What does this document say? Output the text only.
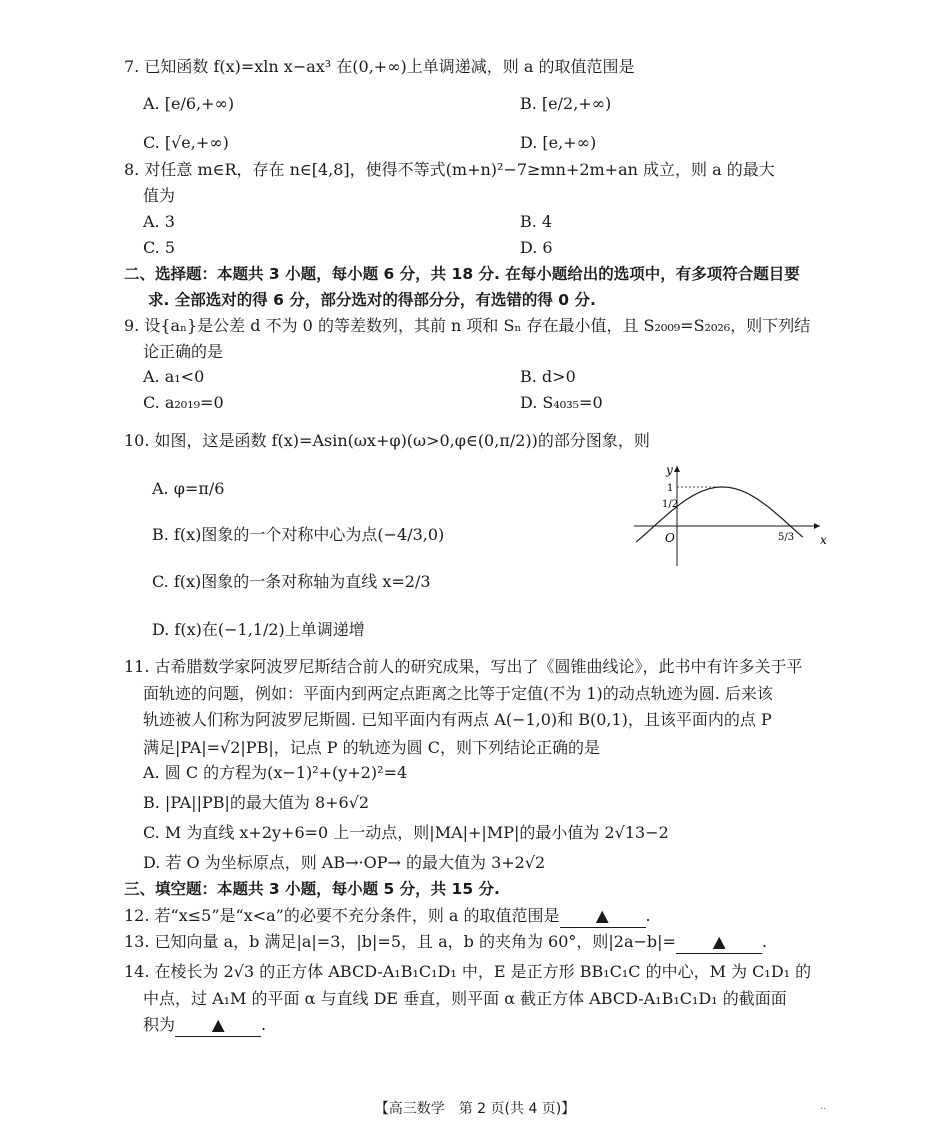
7. 已知函数 f(x)=xln x−ax³ 在(0,+∞)上单调递减，则 a 的取值范围是
A. [e/6,+∞)	B. [e/2,+∞)
C. [√e,+∞)	D. [e,+∞)
8. 对任意 m∈R，存在 n∈[4,8]，使得不等式(m+n)²−7≥mn+2m+an 成立，则 a 的最大
值为
A. 3	B. 4
C. 5	D. 6
二、选择题：本题共 3 小题，每小题 6 分，共 18 分. 在每小题给出的选项中，有多项符合题目要
求. 全部选对的得 6 分，部分选对的得部分分，有选错的得 0 分.
9. 设{aₙ}是公差 d 不为 0 的等差数列，其前 n 项和 Sₙ 存在最小值，且 S₂₀₀₉=S₂₀₂₆，则下列结
论正确的是
A. a₁<0	B. d>0
C. a₂₀₁₉=0	D. S₄₀₃₅=0
10. 如图，这是函数 f(x)=Asin(ωx+φ)(ω>0,φ∈(0,π/2))的部分图象，则
A. φ=π/6
B. f(x)图象的一个对称中心为点(−4/3,0)
C. f(x)图象的一条对称轴为直线 x=2/3
D. f(x)在(−1,1/2)上单调递增
y
x
O
1
1/2
5/3
11. 古希腊数学家阿波罗尼斯结合前人的研究成果，写出了《圆锥曲线论》，此书中有许多关于平
面轨迹的问题，例如：平面内到两定点距离之比等于定值(不为 1)的动点轨迹为圆. 后来该
轨迹被人们称为阿波罗尼斯圆. 已知平面内有两点 A(−1,0)和 B(0,1)，且该平面内的点 P
满足|PA|=√2|PB|，记点 P 的轨迹为圆 C，则下列结论正确的是
A. 圆 C 的方程为(x−1)²+(y+2)²=4
B. |PA||PB|的最大值为 8+6√2
C. M 为直线 x+2y+6=0 上一动点，则|MA|+|MP|的最小值为 2√13−2
D. 若 O 为坐标原点，则 AB→·OP→ 的最大值为 3+2√2
三、填空题：本题共 3 小题，每小题 5 分，共 15 分.
12. 若“x≤5”是“x<a”的必要不充分条件，则 a 的取值范围是 ▲ .
13. 已知向量 a，b 满足|a|=3，|b|=5，且 a，b 的夹角为 60°，则|2a−b|= ▲ .
14. 在棱长为 2√3 的正方体 ABCD-A₁B₁C₁D₁ 中，E 是正方形 BB₁C₁C 的中心，M 为 C₁D₁ 的
中点，过 A₁M 的平面 α 与直线 DE 垂直，则平面 α 截正方体 ABCD-A₁B₁C₁D₁ 的截面面
积为 ▲ .
【高三数学　第 2 页(共 4 页)】	··
